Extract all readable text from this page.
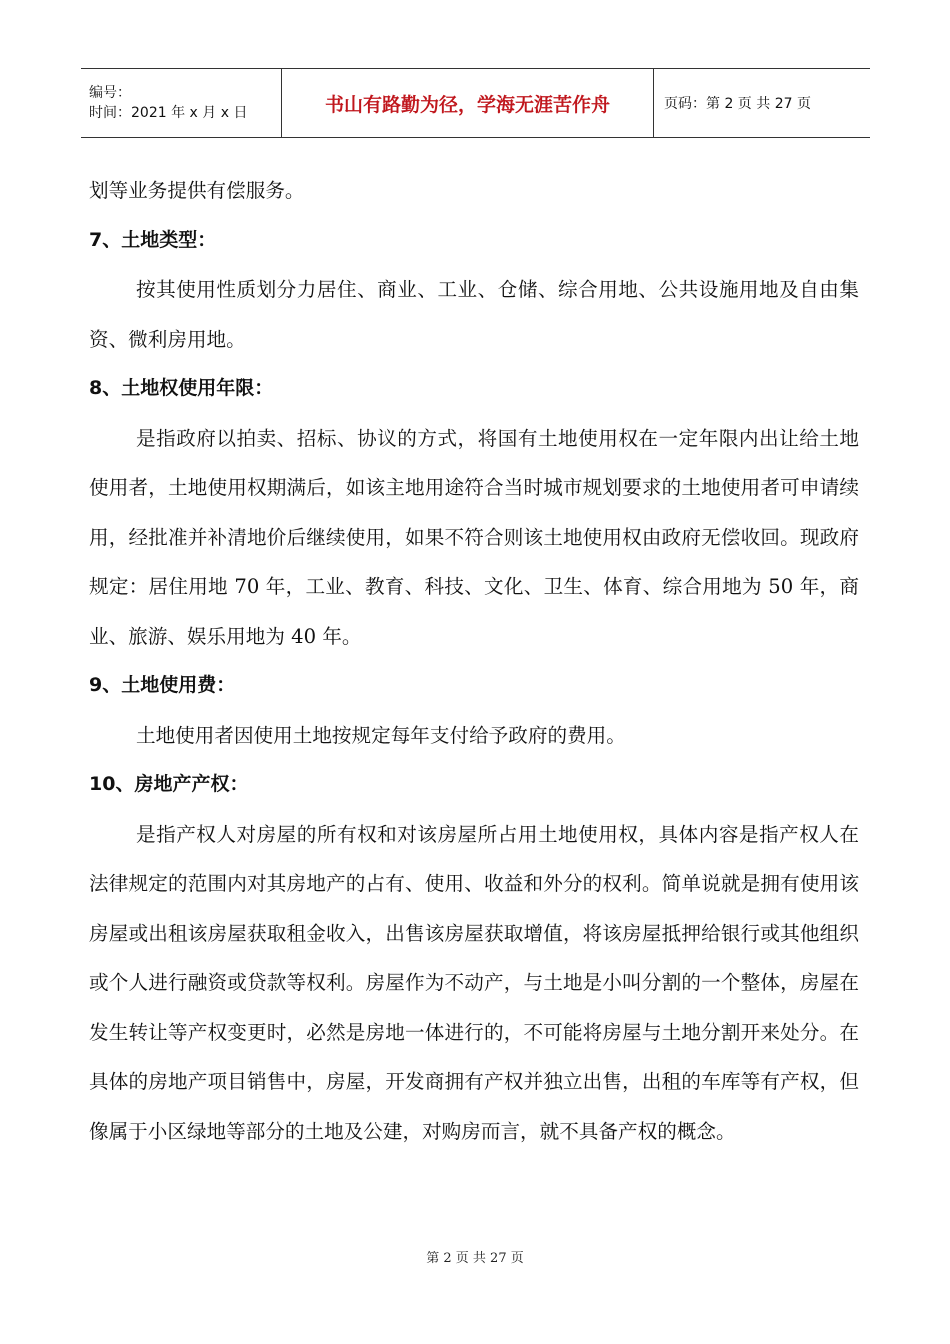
编号：
时间：2021 年 x 月 x 日	书山有路勤为径，学海无涯苦作舟	页码：第 2 页 共 27 页

划等业务提供有偿服务。

7、土地类型：

按其使用性质划分力居住、商业、工业、仓储、综合用地、公共设施用地及自由集资、微利房用地。

8、土地权使用年限：

是指政府以拍卖、招标、协议的方式，将国有土地使用权在一定年限内出让给土地使用者，土地使用权期满后，如该主地用途符合当时城市规划要求的土地使用者可申请续用，经批准并补清地价后继续使用，如果不符合则该土地使用权由政府无偿收回。现政府规定：居住用地 70 年，工业、教育、科技、文化、卫生、体育、综合用地为 50 年，商业、旅游、娱乐用地为 40 年。

9、土地使用费：

土地使用者因使用土地按规定每年支付给予政府的费用。

10、房地产产权：

是指产权人对房屋的所有权和对该房屋所占用土地使用权，具体内容是指产权人在法律规定的范围内对其房地产的占有、使用、收益和外分的权利。简单说就是拥有使用该房屋或出租该房屋获取租金收入，出售该房屋获取增值，将该房屋抵押给银行或其他组织或个人进行融资或贷款等权利。房屋作为不动产，与土地是小叫分割的一个整体，房屋在发生转让等产权变更时，必然是房地一体进行的，不可能将房屋与土地分割开来处分。在具体的房地产项目销售中，房屋，开发商拥有产权并独立出售，出租的车库等有产权，但像属于小区绿地等部分的土地及公建，对购房而言，就不具备产权的概念。

第 2 页 共 27 页
